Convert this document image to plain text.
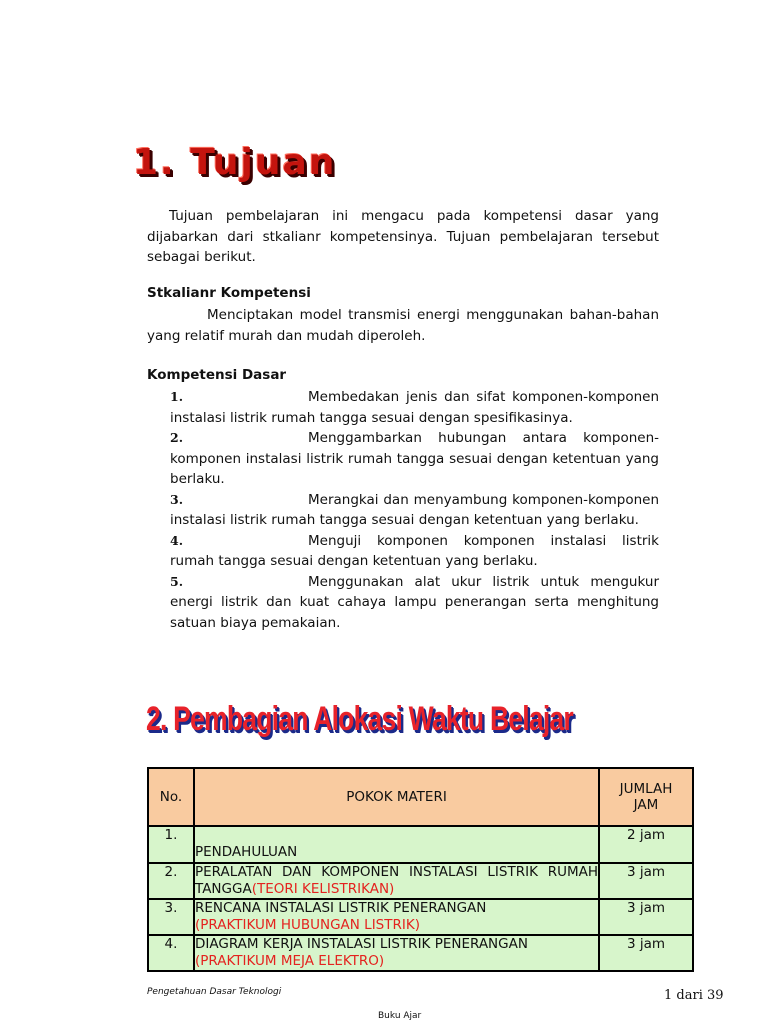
1. Tujuan
Tujuan pembelajaran ini mengacu pada kompetensi dasar yang dijabarkan dari stkalianr kompetensinya. Tujuan pembelajaran tersebut sebagai berikut.
Stkalianr Kompetensi
Menciptakan model transmisi energi menggunakan bahan-bahan yang relatif murah dan mudah diperoleh.
Kompetensi Dasar
1.	Membedakan jenis dan sifat komponen-komponen instalasi listrik rumah tangga sesuai dengan spesifikasinya.
2.	Menggambarkan hubungan antara komponen-komponen instalasi listrik rumah tangga sesuai dengan ketentuan yang berlaku.
3.	Merangkai dan menyambung komponen-komponen instalasi listrik rumah tangga sesuai dengan ketentuan yang berlaku.
4.	Menguji komponen komponen instalasi listrik rumah tangga sesuai dengan ketentuan yang berlaku.
5.	Menggunakan alat ukur listrik untuk mengukur energi listrik dan kuat cahaya lampu penerangan serta menghitung satuan biaya pemakaian.
2. Pembagian Alokasi Waktu Belajar
No.	POKOK MATERI	JUMLAH
JAM
1.	PENDAHULUAN	2 jam
2.	PERALATAN DAN KOMPONEN INSTALASI LISTRIK RUMAH TANGGA(TEORI KELISTRIKAN)	3 jam
3.	RENCANA INSTALASI LISTRIK PENERANGAN
(PRAKTIKUM HUBUNGAN LISTRIK)	3 jam
4.	DIAGRAM KERJA INSTALASI LISTRIK PENERANGAN
(PRAKTIKUM MEJA ELEKTRO)	3 jam
Pengetahuan Dasar Teknologi	1 dari 39
Buku Ajar
